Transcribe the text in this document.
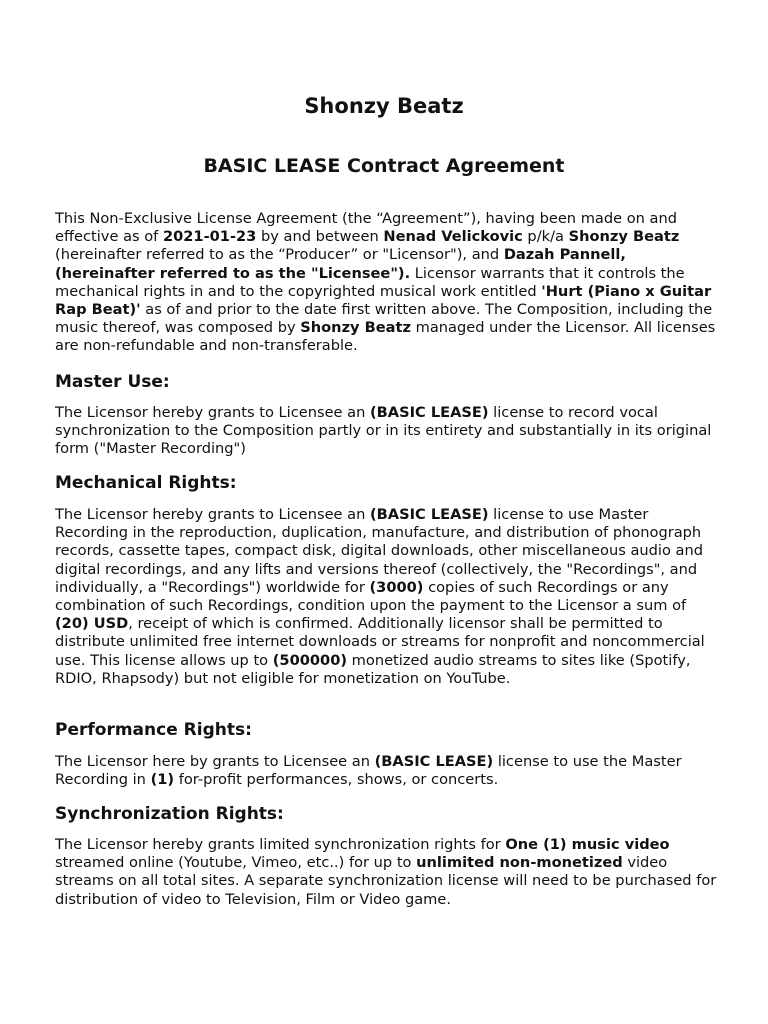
Shonzy Beatz
BASIC LEASE Contract Agreement

This Non-Exclusive License Agreement (the “Agreement”), having been made on and effective as of 2021-01-23 by and between Nenad Velickovic p/k/a Shonzy Beatz (hereinafter referred to as the “Producer” or "Licensor"), and Dazah Pannell, (hereinafter referred to as the "Licensee"). Licensor warrants that it controls the mechanical rights in and to the copyrighted musical work entitled 'Hurt (Piano x Guitar Rap Beat)' as of and prior to the date first written above. The Composition, including the music thereof, was composed by Shonzy Beatz managed under the Licensor. All licenses are non-refundable and non-transferable.

Master Use:

The Licensor hereby grants to Licensee an (BASIC LEASE) license to record vocal synchronization to the Composition partly or in its entirety and substantially in its original form ("Master Recording")

Mechanical Rights:

The Licensor hereby grants to Licensee an (BASIC LEASE) license to use Master Recording in the reproduction, duplication, manufacture, and distribution of phonograph records, cassette tapes, compact disk, digital downloads, other miscellaneous audio and digital recordings, and any lifts and versions thereof (collectively, the "Recordings", and individually, a "Recordings") worldwide for (3000) copies of such Recordings or any combination of such Recordings, condition upon the payment to the Licensor a sum of (20) USD, receipt of which is confirmed. Additionally licensor shall be permitted to distribute unlimited free internet downloads or streams for nonprofit and noncommercial use. This license allows up to (500000) monetized audio streams to sites like (Spotify, RDIO, Rhapsody) but not eligible for monetization on YouTube.

Performance Rights:

The Licensor here by grants to Licensee an (BASIC LEASE) license to use the Master Recording in (1) for-profit performances, shows, or concerts.

Synchronization Rights:

The Licensor hereby grants limited synchronization rights for One (1) music video streamed online (Youtube, Vimeo, etc..) for up to unlimited non-monetized video streams on all total sites. A separate synchronization license will need to be purchased for distribution of video to Television, Film or Video game.
